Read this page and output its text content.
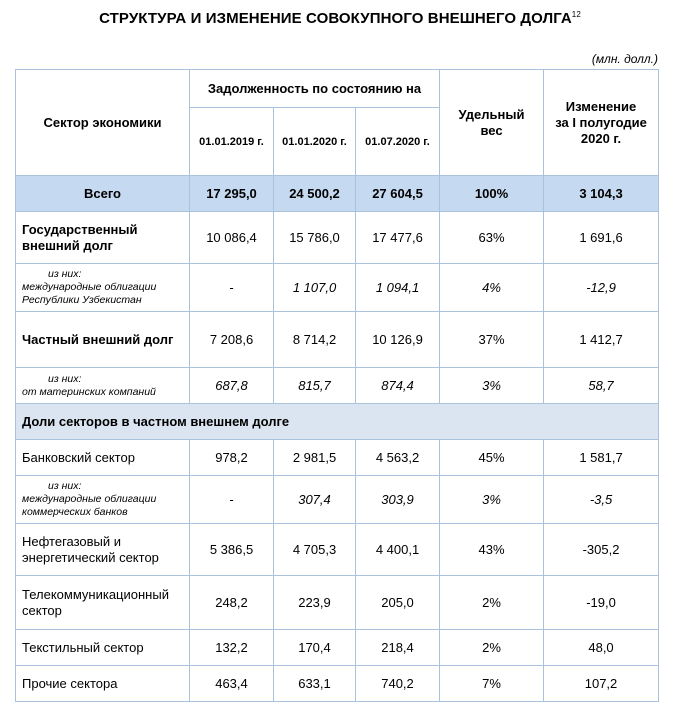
СТРУКТУРА И ИЗМЕНЕНИЕ СОВОКУПНОГО ВНЕШНЕГО ДОЛГА$^{12}$
(млн. долл.)
Сектор экономики	Задолженность по состоянию на			Удельный вес	Изменение
за I полугодие
2020 г.
	01.01.2019 г.	01.01.2020 г.	01.07.2020 г.		
Всего	17 295,0	24 500,2	27 604,5	100%	3 104,3
Государственный
внешний долг	10 086,4	15 786,0	17 477,6	63%	1 691,6

из них:
международные облигации
Республики Узбекистан	-	1 107,0	1 094,1	4%	-12,9
Частный внешний долг	7 208,6	8 714,2	10 126,9	37%	1 412,7

из них:
от материнских компаний	687,8	815,7	874,4	3%	58,7
Доли секторов в частном внешнем долге					
Банковский сектор	978,2	2 981,5	4 563,2	45%	1 581,7

из них:
международные облигации
коммерческих банков	-	307,4	303,9	3%	-3,5
Нефтегазовый и
энергетический сектор	5 386,5	4 705,3	4 400,1	43%	-305,2
Телекоммуникационный
сектор	248,2	223,9	205,0	2%	-19,0
Текстильный сектор	132,2	170,4	218,4	2%	48,0
Прочие сектора	463,4	633,1	740,2	7%	107,2
